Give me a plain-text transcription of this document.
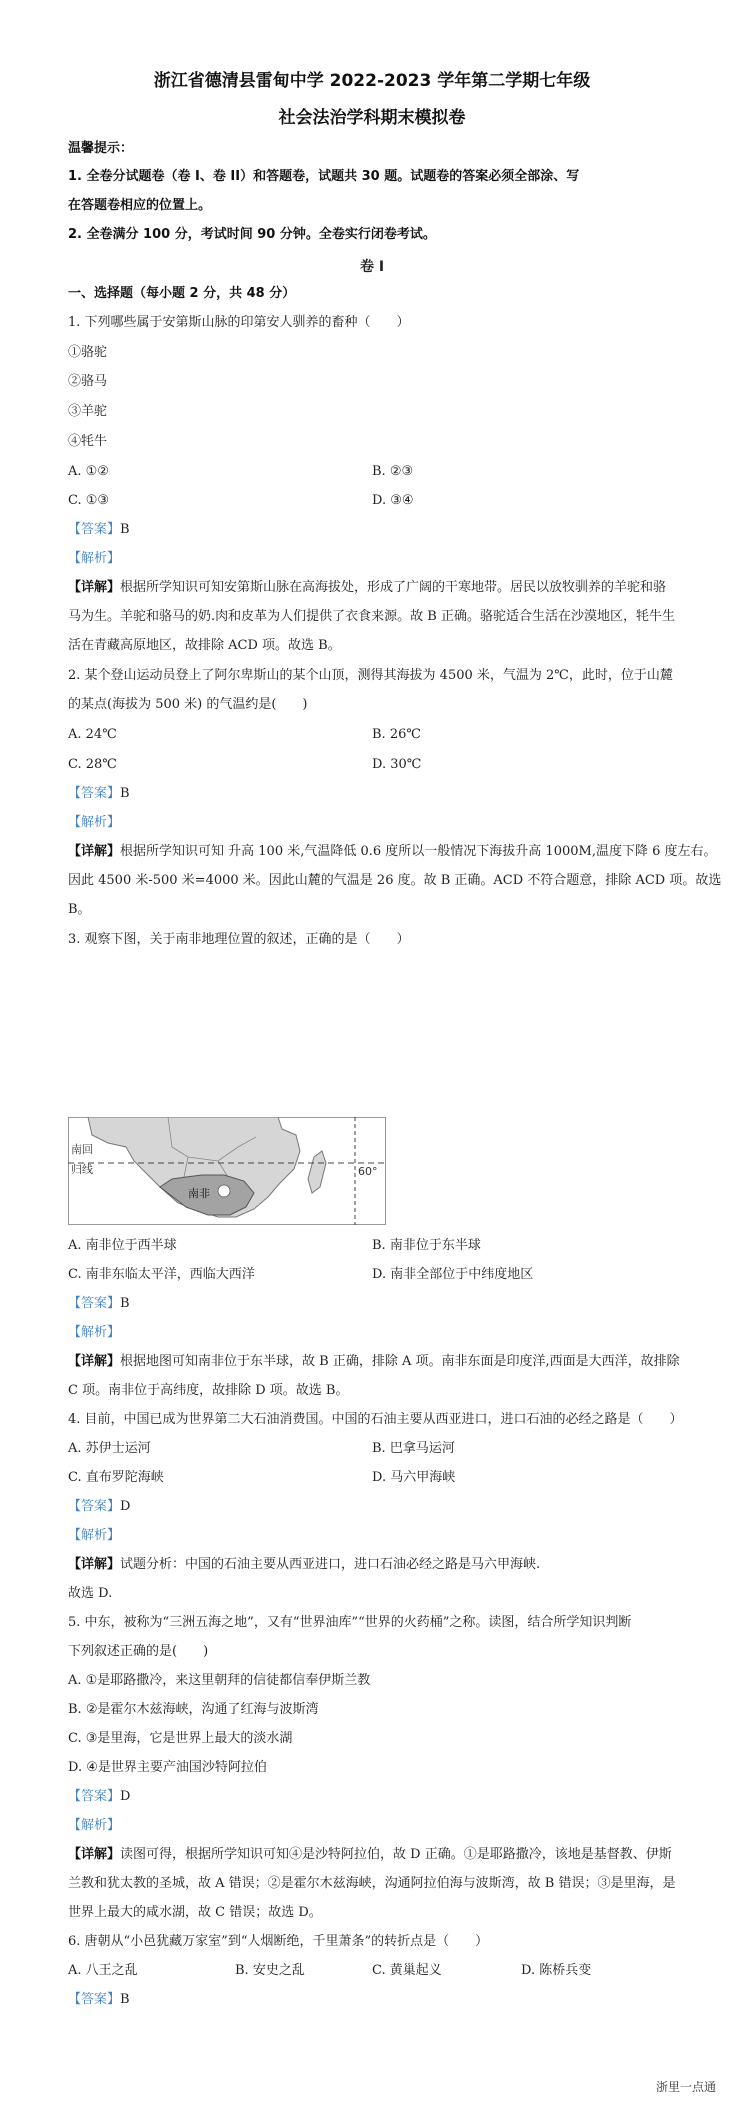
浙江省德清县雷甸中学 2022-2023 学年第二学期七年级
社会法治学科期末模拟卷
温馨提示：
1. 全卷分试题卷（卷 I、卷 II）和答题卷，试题共 30 题。试题卷的答案必须全部涂、写
在答题卷相应的位置上。
2. 全卷满分 100 分，考试时间 90 分钟。全卷实行闭卷考试。
卷 I
一、选择题（每小题 2 分，共 48 分）
1. 下列哪些属于安第斯山脉的印第安人驯养的畜种（　　）
①骆驼
②骆马
③羊驼
④牦牛
A. ①②	B. ②③
C. ①③	D. ③④
【答案】B
【解析】
【详解】根据所学知识可知安第斯山脉在高海拔处，形成了广阔的干寒地带。居民以放牧驯养的羊驼和骆
马为生。羊驼和骆马的奶.肉和皮革为人们提供了衣食来源。故 B 正确。骆驼适合生活在沙漠地区，牦牛生
活在青藏高原地区，故排除 ACD 项。故选 B。
2. 某个登山运动员登上了阿尔卑斯山的某个山顶，测得其海拔为 4500 米，气温为 2℃，此时，位于山麓
的某点(海拔为 500 米) 的气温约是(　　)
A. 24℃	B. 26℃
C. 28℃	D. 30℃
【答案】B
【解析】
【详解】根据所学知识可知 升高 100 米,气温降低 0.6 度所以一般情况下海拔升高 1000M,温度下降 6 度左右。
因此 4500 米-500 米=4000 米。因此山麓的气温是 26 度。故 B 正确。ACD 不符合题意，排除 ACD 项。故选
B。
3. 观察下图，关于南非地理位置的叙述，正确的是（　　）
南回
归线
南非
60°
A. 南非位于西半球	B. 南非位于东半球
C. 南非东临太平洋，西临大西洋	D. 南非全部位于中纬度地区
【答案】B
【解析】
【详解】根据地图可知南非位于东半球，故 B 正确，排除 A 项。南非东面是印度洋,西面是大西洋，故排除
C 项。南非位于高纬度，故排除 D 项。故选 B。
4. 目前，中国已成为世界第二大石油消费国。中国的石油主要从西亚进口，进口石油的必经之路是（　　）
A. 苏伊士运河	B. 巴拿马运河
C. 直布罗陀海峡	D. 马六甲海峡
【答案】D
【解析】
【详解】试题分析：中国的石油主要从西亚进口，进口石油必经之路是马六甲海峡.
故选 D.
5. 中东，被称为“三洲五海之地”，又有“世界油库”“世界的火药桶”之称。读图，结合所学知识判断
下列叙述正确的是(　　)
A. ①是耶路撒冷，来这里朝拜的信徒都信奉伊斯兰教
B. ②是霍尔木兹海峡，沟通了红海与波斯湾
C. ③是里海，它是世界上最大的淡水湖
D. ④是世界主要产油国沙特阿拉伯
【答案】D
【解析】
【详解】读图可得，根据所学知识可知④是沙特阿拉伯，故 D 正确。①是耶路撒冷，该地是基督教、伊斯
兰教和犹太教的圣城，故 A 错误；②是霍尔木兹海峡，沟通阿拉伯海与波斯湾，故 B 错误；③是里海，是
世界上最大的咸水湖，故 C 错误；故选 D。
6. 唐朝从“小邑犹藏万家室”到“人烟断绝，千里萧条”的转折点是（　　）
A. 八王之乱	B. 安史之乱	C. 黄巢起义	D. 陈桥兵变
【答案】B
浙里一点通
